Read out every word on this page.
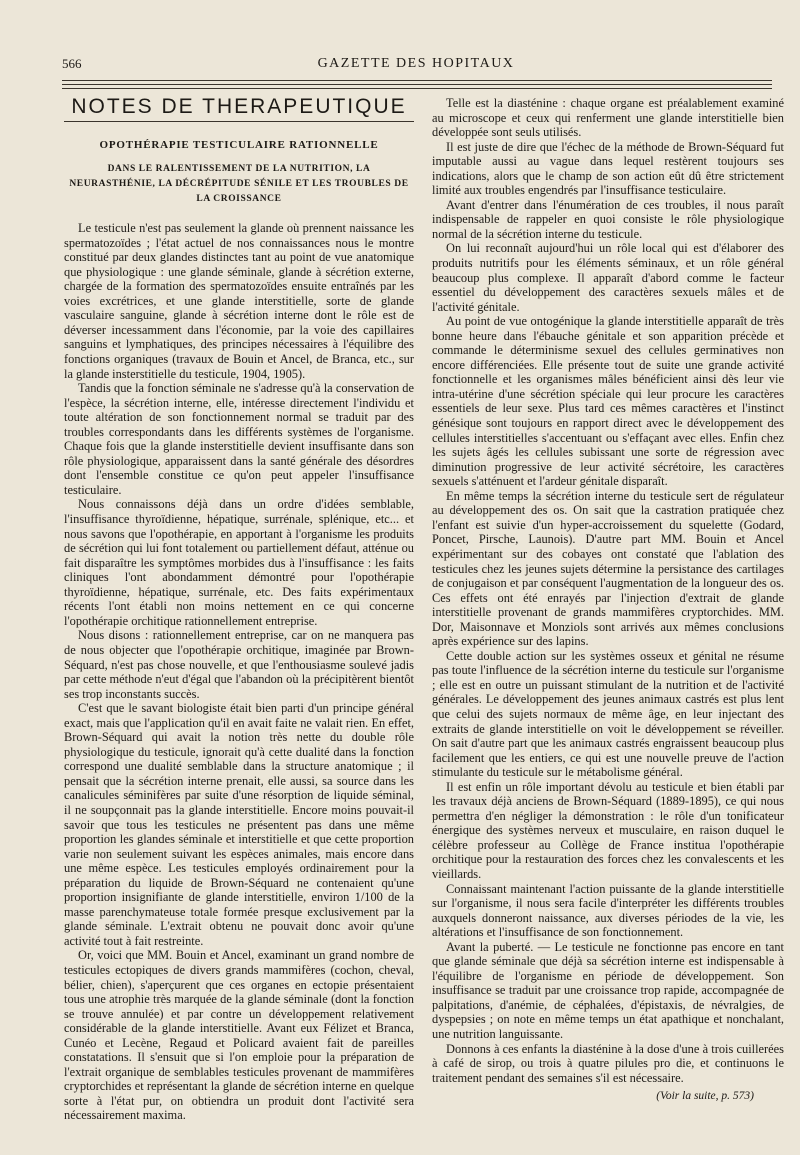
566	GAZETTE DES HOPITAUX
NOTES DE THERAPEUTIQUE
OPOTHÉRAPIE TESTICULAIRE RATIONNELLE
DANS LE RALENTISSEMENT DE LA NUTRITION, LA NEURASTHÉNIE, LA DÉCRÉPITUDE SÉNILE ET LES TROUBLES DE LA CROISSANCE

Le testicule n'est pas seulement la glande où prennent naissance les spermatozoïdes ; l'état actuel de nos connaissances nous le montre constitué par deux glandes distinctes tant au point de vue anatomique que physiologique : une glande séminale, glande à sécrétion externe, chargée de la formation des spermatozoïdes ensuite entraînés par les voies excrétrices, et une glande interstitielle, sorte de glande vasculaire sanguine, glande à sécrétion interne dont le rôle est de déverser incessamment dans l'économie, par la voie des capillaires sanguins et lymphatiques, des principes nécessaires à l'équilibre des fonctions organiques (travaux de Bouin et Ancel, de Branca, etc., sur la glande insterstitielle du testicule, 1904, 1905).

Tandis que la fonction séminale ne s'adresse qu'à la conservation de l'espèce, la sécrétion interne, elle, intéresse directement l'individu et toute altération de son fonctionnement normal se traduit par des troubles correspondants dans les différents systèmes de l'organisme. Chaque fois que la glande insterstitielle devient insuffisante dans son rôle physiologique, apparaissent dans la santé générale des désordres dont l'ensemble constitue ce qu'on peut appeler l'insuffisance testiculaire.

Nous connaissons déjà dans un ordre d'idées semblable, l'insuffisance thyroïdienne, hépatique, surrénale, splénique, etc... et nous savons que l'opothérapie, en apportant à l'organisme les produits de sécrétion qui lui font totalement ou partiellement défaut, atténue ou fait disparaître les symptômes morbides dus à l'insuffisance : les faits cliniques l'ont abondamment démontré pour l'opothérapie thyroïdienne, hépatique, surrénale, etc. Des faits expérimentaux récents l'ont établi non moins nettement en ce qui concerne l'opothérapie orchitique rationnellement entreprise.

Nous disons : rationnellement entreprise, car on ne manquera pas de nous objecter que l'opothérapie orchitique, imaginée par Brown-Séquard, n'est pas chose nouvelle, et que l'enthousiasme soulevé jadis par cette méthode n'eut d'égal que l'abandon où la précipitèrent bientôt ses trop inconstants succès.

C'est que le savant biologiste était bien parti d'un principe général exact, mais que l'application qu'il en avait faite ne valait rien. En effet, Brown-Séquard qui avait la notion très nette du double rôle physiologique du testicule, ignorait qu'à cette dualité dans la fonction correspond une dualité semblable dans la structure anatomique ; il pensait que la sécrétion interne prenait, elle aussi, sa source dans les canalicules séminifères par suite d'une résorption de liquide séminal, il ne soupçonnait pas la glande interstitielle. Encore moins pouvait-il savoir que tous les testicules ne présentent pas dans une même proportion les glandes séminale et interstitielle et que cette proportion varie non seulement suivant les espèces animales, mais encore dans une même espèce. Les testicules employés ordinairement pour la préparation du liquide de Brown-Séquard ne contenaient qu'une proportion insignifiante de glande interstitielle, environ 1/100 de la masse parenchymateuse totale formée presque exclusivement par la glande séminale. L'extrait obtenu ne pouvait donc avoir qu'une activité tout à fait restreinte.

Or, voici que MM. Bouin et Ancel, examinant un grand nombre de testicules ectopiques de divers grands mammifères (cochon, cheval, bélier, chien), s'aperçurent que ces organes en ectopie présentaient tous une atrophie très marquée de la glande séminale (dont la fonction se trouve annulée) et par contre un développement relativement considérable de la glande interstitielle. Avant eux Félizet et Branca, Cunéo et Lecène, Regaud et Policard avaient fait de pareilles constatations. Il s'ensuit que si l'on emploie pour la préparation de l'extrait organique de semblables testicules provenant de mammifères cryptorchides et représentant la glande de sécrétion interne en quelque sorte à l'état pur, on obtiendra un produit dont l'activité sera nécessairement maxima.

Telle est la diasténine : chaque organe est préalablement examiné au microscope et ceux qui renferment une glande interstitielle bien développée sont seuls utilisés.

Il est juste de dire que l'échec de la méthode de Brown-Séquard fut imputable aussi au vague dans lequel restèrent toujours ses indications, alors que le champ de son action eût dû être strictement limité aux troubles engendrés par l'insuffisance testiculaire.

Avant d'entrer dans l'énumération de ces troubles, il nous paraît indispensable de rappeler en quoi consiste le rôle physiologique normal de la sécrétion interne du testicule.

On lui reconnaît aujourd'hui un rôle local qui est d'élaborer des produits nutritifs pour les éléments séminaux, et un rôle général beaucoup plus complexe. Il apparaît d'abord comme le facteur essentiel du développement des caractères sexuels mâles et de l'activité génitale.

Au point de vue ontogénique la glande interstitielle apparaît de très bonne heure dans l'ébauche génitale et son apparition précède et commande le déterminisme sexuel des cellules germinatives non encore différenciées. Elle présente tout de suite une grande activité fonctionnelle et les organismes mâles bénéficient ainsi dès leur vie intra-utérine d'une sécrétion spéciale qui leur procure les caractères essentiels de leur sexe. Plus tard ces mêmes caractères et l'instinct génésique sont toujours en rapport direct avec le développement des cellules interstitielles s'accentuant ou s'effaçant avec elles. Enfin chez les sujets âgés les cellules subissant une sorte de régression avec diminution progressive de leur activité sécrétoire, les caractères sexuels s'atténuent et l'ardeur génitale disparaît.

En même temps la sécrétion interne du testicule sert de régulateur au développement des os. On sait que la castration pratiquée chez l'enfant est suivie d'un hyper-accroissement du squelette (Godard, Poncet, Pirsche, Launois). D'autre part MM. Bouin et Ancel expérimentant sur des cobayes ont constaté que l'ablation des testicules chez les jeunes sujets détermine la persistance des cartilages de conjugaison et par conséquent l'augmentation de la longueur des os. Ces effets ont été enrayés par l'injection d'extrait de glande interstitielle provenant de grands mammifères cryptorchides. MM. Dor, Maisonnave et Monziols sont arrivés aux mêmes conclusions après expérience sur des lapins.

Cette double action sur les systèmes osseux et génital ne résume pas toute l'influence de la sécrétion interne du testicule sur l'organisme ; elle est en outre un puissant stimulant de la nutrition et de l'activité générales. Le développement des jeunes animaux castrés est plus lent que celui des sujets normaux de même âge, en leur injectant des extraits de glande interstitielle on voit le développement se réveiller. On sait d'autre part que les animaux castrés engraissent beaucoup plus facilement que les entiers, ce qui est une nouvelle preuve de l'action stimulante du testicule sur le métabolisme général.

Il est enfin un rôle important dévolu au testicule et bien établi par les travaux déjà anciens de Brown-Séquard (1889-1895), ce qui nous permettra d'en négliger la démonstration : le rôle d'un tonificateur énergique des systèmes nerveux et musculaire, en raison duquel le célèbre professeur au Collège de France institua l'opothérapie orchitique pour la restauration des forces chez les convalescents et les vieillards.

Connaissant maintenant l'action puissante de la glande interstitielle sur l'organisme, il nous sera facile d'interpréter les différents troubles auxquels donneront naissance, aux diverses périodes de la vie, les altérations et l'insuffisance de son fonctionnement.

Avant la puberté. — Le testicule ne fonctionne pas encore en tant que glande séminale que déjà sa sécrétion interne est indispensable à l'équilibre de l'organisme en période de développement. Son insuffisance se traduit par une croissance trop rapide, accompagnée de palpitations, d'anémie, de céphalées, d'épistaxis, de névralgies, de dyspepsies ; on note en même temps un état apathique et nonchalant, une nutrition languissante.

Donnons à ces enfants la diasténine à la dose d'une à trois cuillerées à café de sirop, ou trois à quatre pilules pro die, et continuons le traitement pendant des semaines s'il est nécessaire.

(Voir la suite, p. 573)
